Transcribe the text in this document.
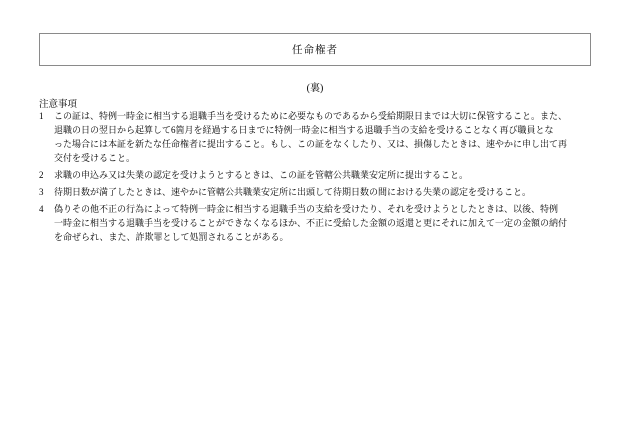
任命権者
(裏)
注意事項
1	この証は、特例一時金に相当する退職手当を受けるために必要なものであるから受給期限日までは大切に保管すること。また、
退職の日の翌日から起算して6箇月を経過する日までに特例一時金に相当する退職手当の支給を受けることなく再び職員とな
った場合には本証を新たな任命権者に提出すること。もし、この証をなくしたり、又は、損傷したときは、速やかに申し出て再
交付を受けること。
2	求職の申込み又は失業の認定を受けようとするときは、この証を管轄公共職業安定所に提出すること。
3	待期日数が満了したときは、速やかに管轄公共職業安定所に出頭して待期日数の間における失業の認定を受けること。
4	偽りその他不正の行為によって特例一時金に相当する退職手当の支給を受けたり、それを受けようとしたときは、以後、特例
一時金に相当する退職手当を受けることができなくなるほか、不正に受給した金額の返還と更にそれに加えて一定の金額の納付
を命ぜられ、また、詐欺罪として処罰されることがある。
